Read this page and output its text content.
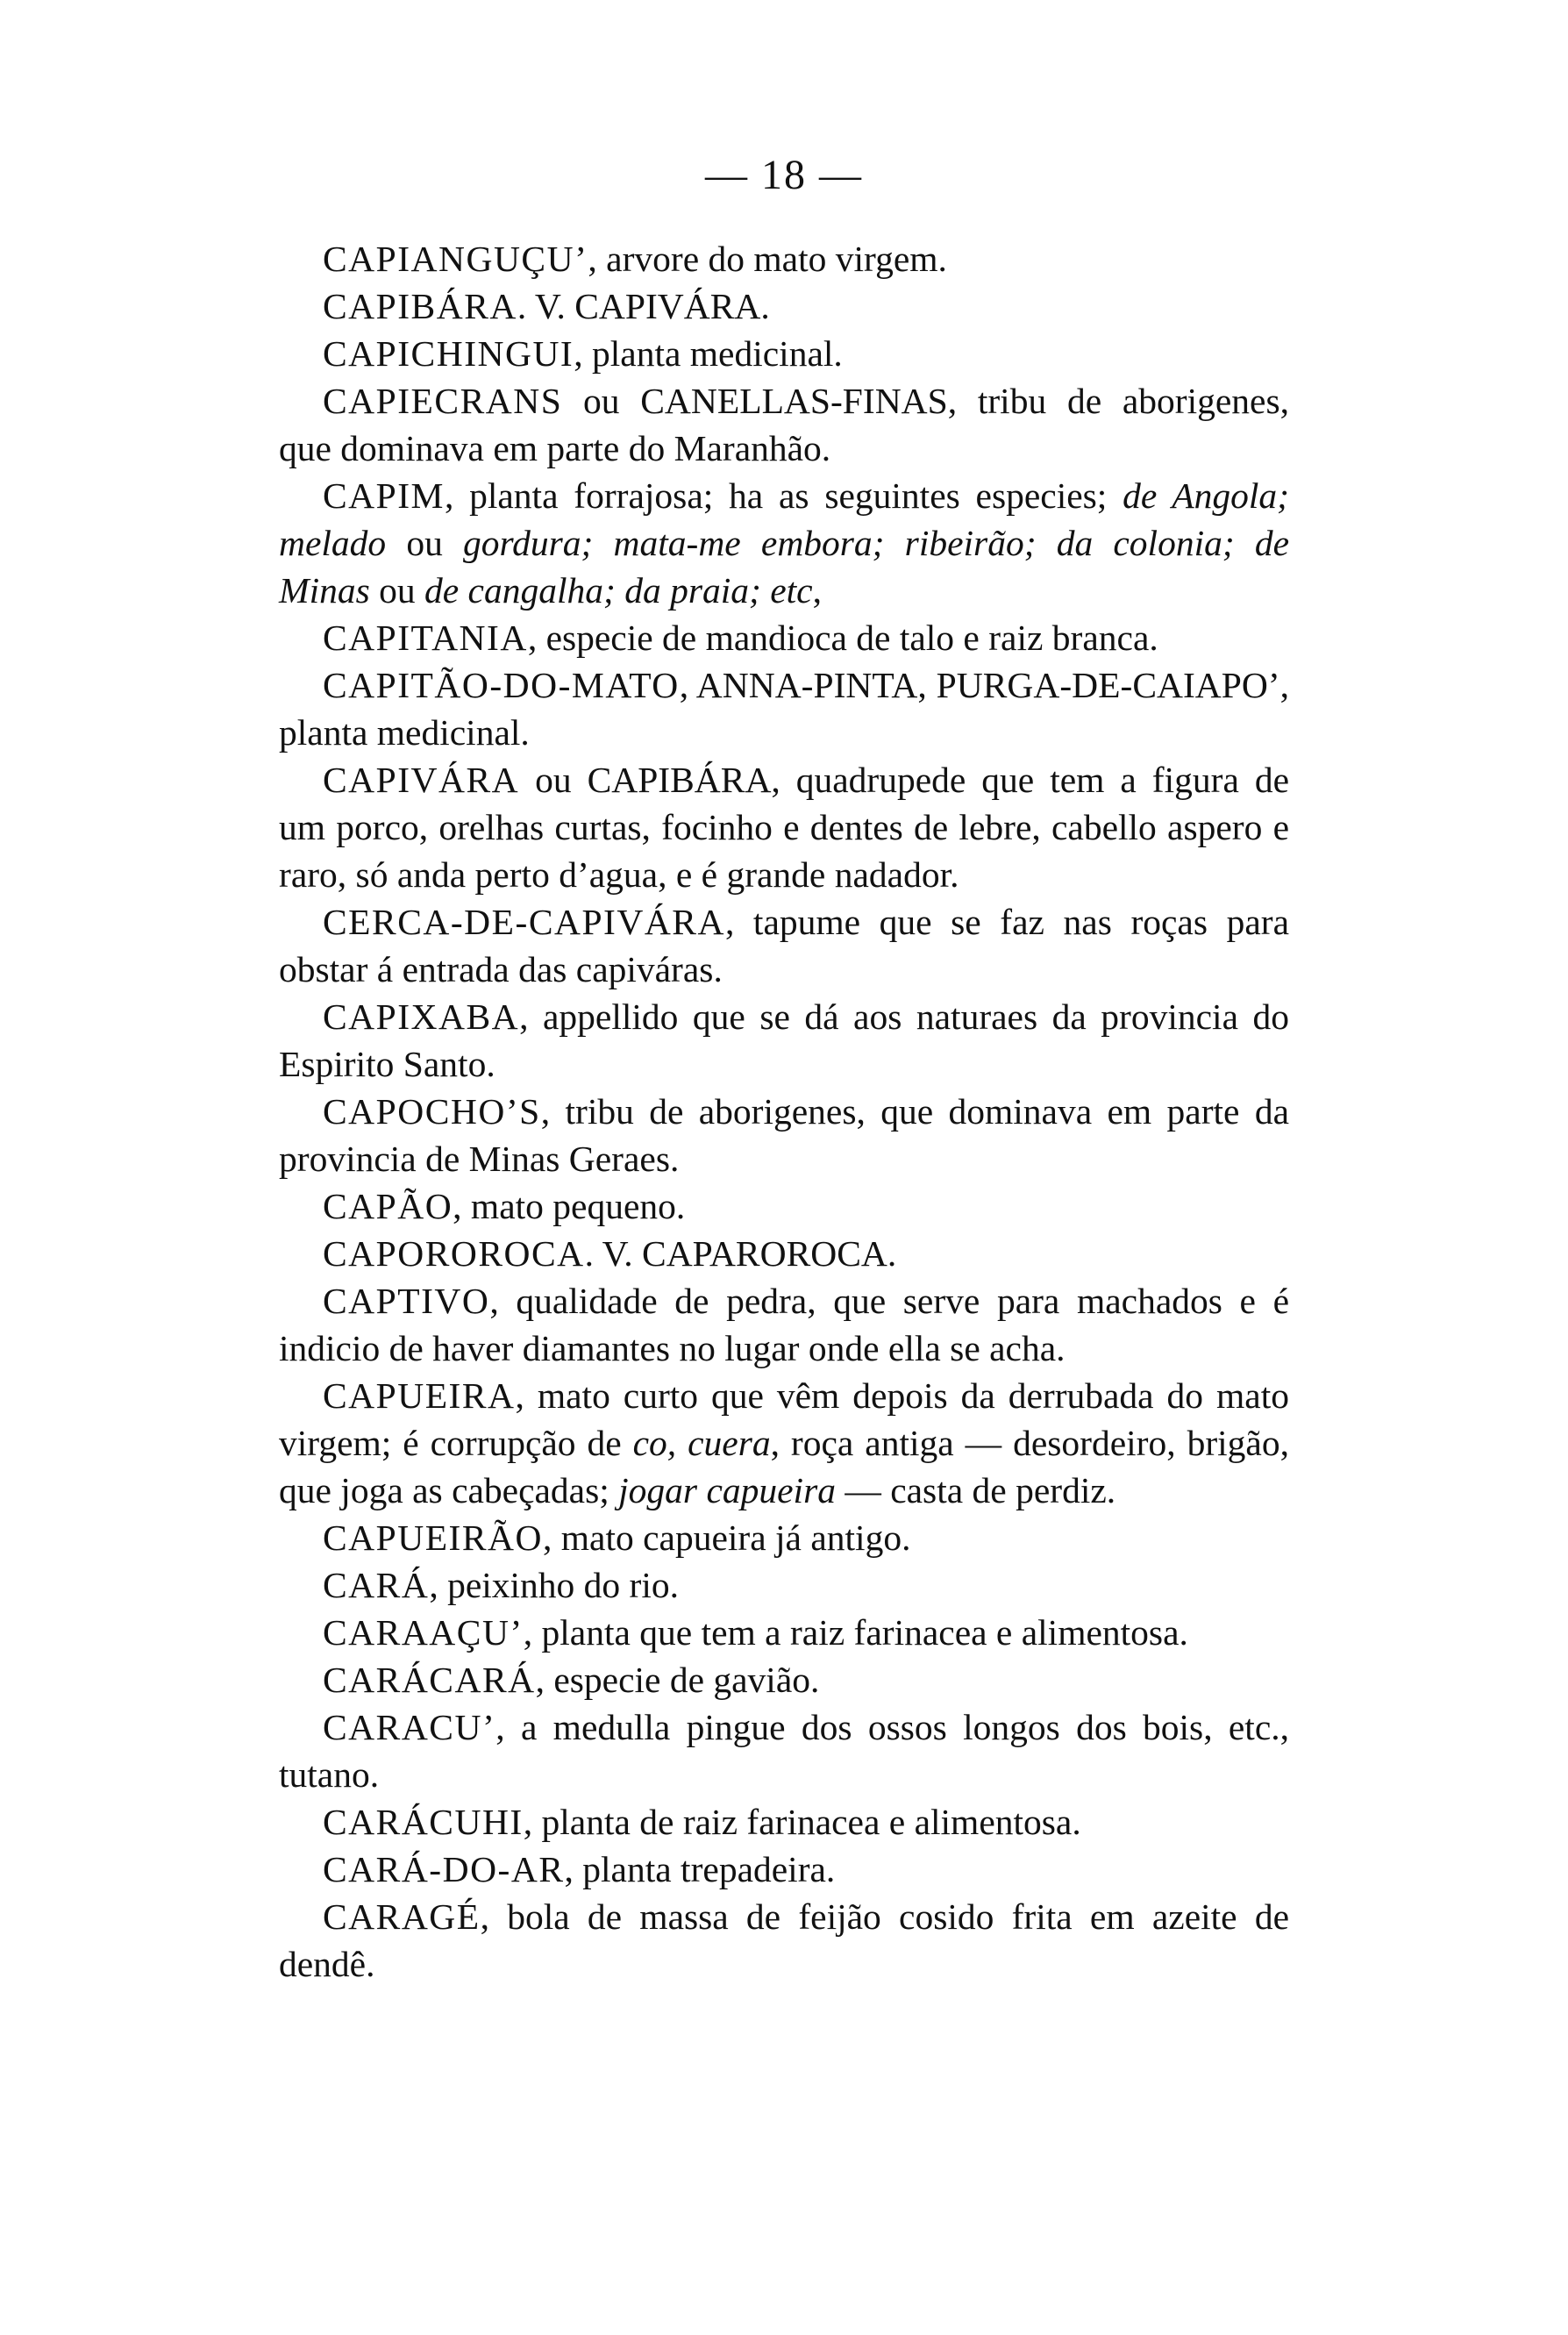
— 18 —

CAPIANGUÇU’, arvore do mato virgem.

CAPIBÁRA. V. CAPIVÁRA.

CAPICHINGUI, planta medicinal.

CAPIECRANS ou CANELLAS-FINAS, tribu de aborigenes, que dominava em parte do Maranhão.

CAPIM, planta forrajosa; ha as seguintes especies; de Angola; melado ou gordura; mata-me embora; ribeirão; da colonia; de Minas ou de cangalha; da praia; etc,

CAPITANIA, especie de mandioca de talo e raiz branca.

CAPITÃO-DO-MATO, ANNA-PINTA, PURGA-DE-CAIAPO’, planta medicinal.

CAPIVÁRA ou CAPIBÁRA, quadrupede que tem a figura de um porco, orelhas curtas, focinho e dentes de lebre, cabello aspero e raro, só anda perto d’agua, e é grande nadador.

CERCA-DE-CAPIVÁRA, tapume que se faz nas roças para obstar á entrada das capiváras.

CAPIXABA, appellido que se dá aos naturaes da provincia do Espirito Santo.

CAPOCHO’S, tribu de aborigenes, que dominava em parte da provincia de Minas Geraes.

CAPÃO, mato pequeno.

CAPOROROCA. V. CAPAROROCA.

CAPTIVO, qualidade de pedra, que serve para machados e é indicio de haver diamantes no lugar onde ella se acha.

CAPUEIRA, mato curto que vêm depois da derrubada do mato virgem; é corrupção de co, cuera, roça antiga — desordeiro, brigão, que joga as cabeçadas; jogar capueira — casta de perdiz.

CAPUEIRÃO, mato capueira já antigo.

CARÁ, peixinho do rio.

CARAAÇU’, planta que tem a raiz farinacea e alimentosa.

CARÁCARÁ, especie de gavião.

CARACU’, a medulla pingue dos ossos longos dos bois, etc., tutano.

CARÁCUHI, planta de raiz farinacea e alimentosa.

CARÁ-DO-AR, planta trepadeira.

CARAGÉ, bola de massa de feijão cosido frita em azeite de dendê.
